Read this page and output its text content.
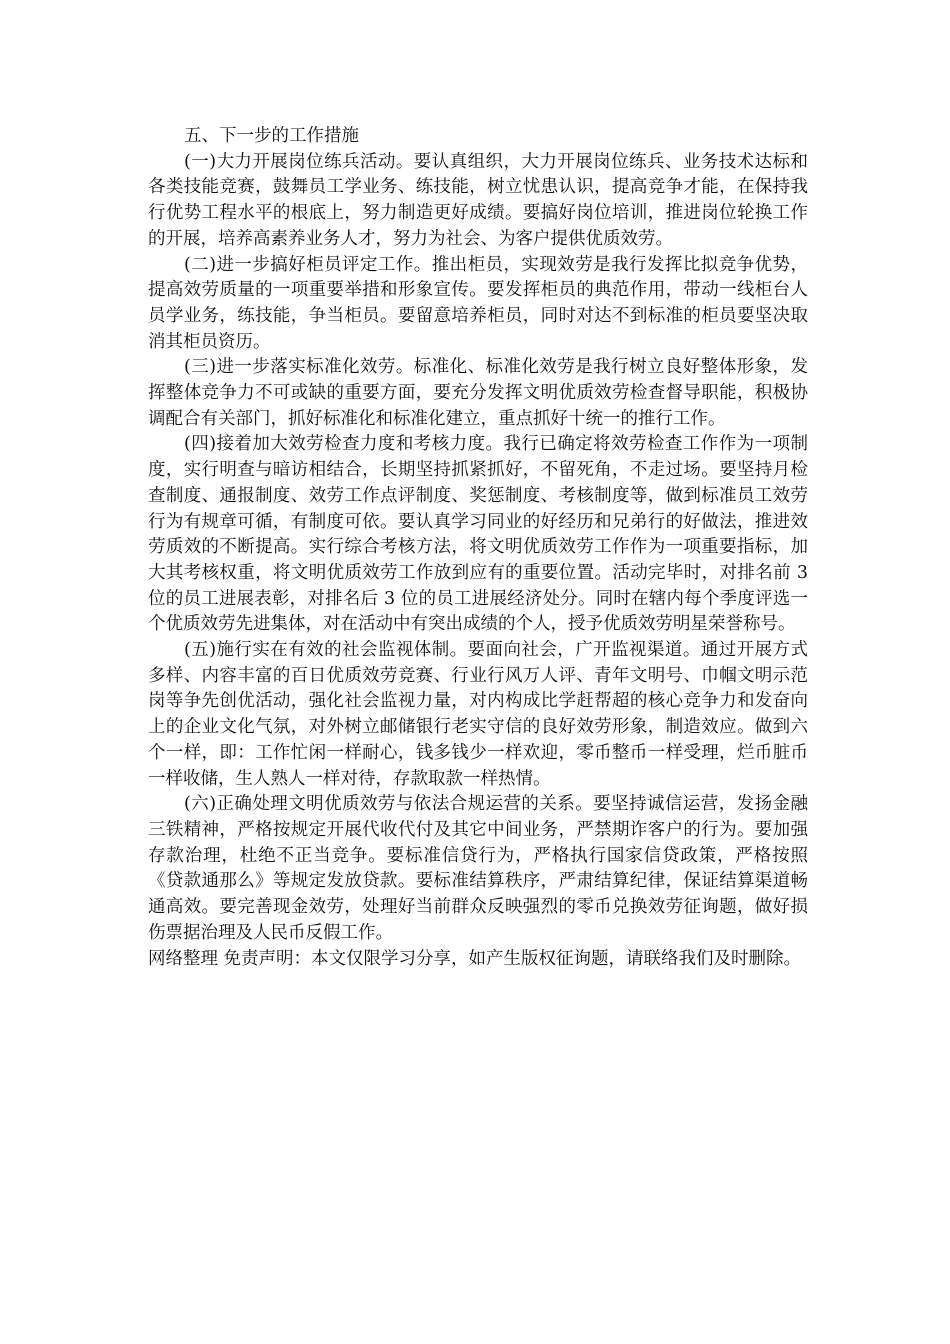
五、下一步的工作措施

(一)大力开展岗位练兵活动。要认真组织，大力开展岗位练兵、业务技术达标和各类技能竞赛，鼓舞员工学业务、练技能，树立忧患认识，提高竞争才能，在保持我行优势工程水平的根底上，努力制造更好成绩。要搞好岗位培训，推进岗位轮换工作的开展，培养高素养业务人才，努力为社会、为客户提供优质效劳。

(二)进一步搞好柜员评定工作。推出柜员，实现效劳是我行发挥比拟竞争优势，提高效劳质量的一项重要举措和形象宣传。要发挥柜员的典范作用，带动一线柜台人员学业务，练技能，争当柜员。要留意培养柜员，同时对达不到标准的柜员要坚决取消其柜员资历。

(三)进一步落实标准化效劳。标准化、标准化效劳是我行树立良好整体形象，发挥整体竞争力不可或缺的重要方面，要充分发挥文明优质效劳检查督导职能，积极协调配合有关部门，抓好标准化和标准化建立，重点抓好十统一的推行工作。

(四)接着加大效劳检查力度和考核力度。我行已确定将效劳检查工作作为一项制度，实行明查与暗访相结合，长期坚持抓紧抓好，不留死角，不走过场。要坚持月检查制度、通报制度、效劳工作点评制度、奖惩制度、考核制度等，做到标准员工效劳行为有规章可循，有制度可依。要认真学习同业的好经历和兄弟行的好做法，推进效劳质效的不断提高。实行综合考核方法，将文明优质效劳工作作为一项重要指标，加大其考核权重，将文明优质效劳工作放到应有的重要位置。活动完毕时，对排名前 3 位的员工进展表彰，对排名后 3 位的员工进展经济处分。同时在辖内每个季度评选一个优质效劳先进集体，对在活动中有突出成绩的个人，授予优质效劳明星荣誉称号。

(五)施行实在有效的社会监视体制。要面向社会，广开监视渠道。通过开展方式多样、内容丰富的百日优质效劳竞赛、行业行风万人评、青年文明号、巾帼文明示范岗等争先创优活动，强化社会监视力量，对内构成比学赶帮超的核心竞争力和发奋向上的企业文化气氛，对外树立邮储银行老实守信的良好效劳形象，制造效应。做到六个一样，即：工作忙闲一样耐心，钱多钱少一样欢迎，零币整币一样受理，烂币脏币一样收储，生人熟人一样对待，存款取款一样热情。

(六)正确处理文明优质效劳与依法合规运营的关系。要坚持诚信运营，发扬金融三铁精神，严格按规定开展代收代付及其它中间业务，严禁期诈客户的行为。要加强存款治理，杜绝不正当竞争。要标准信贷行为，严格执行国家信贷政策，严格按照《贷款通那么》等规定发放贷款。要标准结算秩序，严肃结算纪律，保证结算渠道畅通高效。要完善现金效劳，处理好当前群众反映强烈的零币兑换效劳征询题，做好损伤票据治理及人民币反假工作。

网络整理 免责声明：本文仅限学习分享，如产生版权征询题，请联络我们及时删除。
